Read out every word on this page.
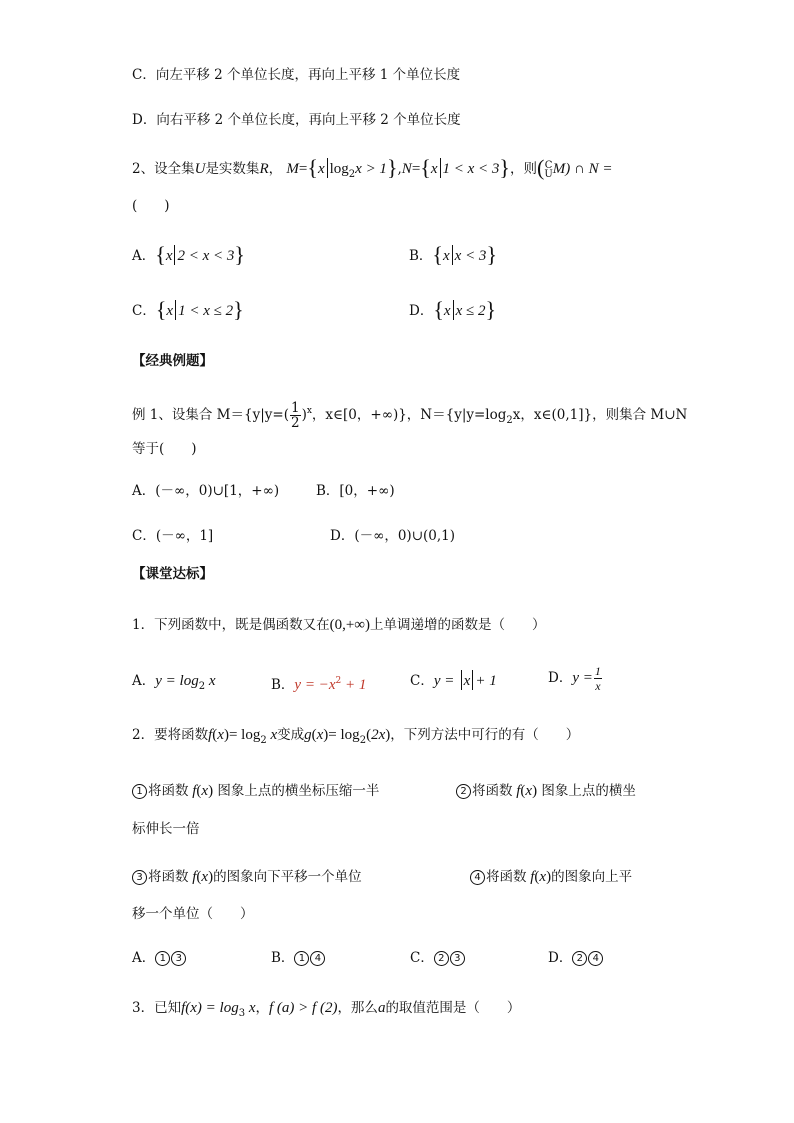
C．向左平移 2 个单位长度，再向上平移 1 个单位长度
D．向右平移 2 个单位长度，再向上平移 2 个单位长度
2、设全集U是实数集R， M={x $\log_2x > 1\},N=\{x$ 1 < x < 3}，则(C
UM) ∩ N =
(　　)
A．{x 2 < x < 3}	B．{x x < 3}
C．{x 1 < x ≤ 2}	D．{x x ≤ 2}
【经典例题】
例 1、设集合 $M=\{y|y=( \frac{1}{2} )^x$，x∈[0，+∞)}，$N=\{y|y=\log_2x$，x∈(0,1]}，则集合 M∪N
等于(　　)
A．(－∞，0)∪[1，+∞)	B．[0，+∞)
C．(－∞，1]	D．(－∞，0)∪(0,1)
【课堂达标】
1．下列函数中，既是偶函数又在(0,+∞)上单调递增的函数是（　　）
A．$y = \log_2 x$	B．$y = -x^2 + 1$	C．y = x + 1	D．$y = \frac{1}{x}$
2．要将函数$f(x)= \log_2 x$变成$g(x)= \log_2(2x)$，下列方法中可行的有（　　）
1 将函数 f(x) 图象上点的横坐标压缩一半	2 将函数 f(x) 图象上点的横坐
标伸长一倍
3 将函数 f(x)的图象向下平移一个单位	4 将函数 f(x)的图象向上平
移一个单位（　　）
A． 1 3	B． 1 4	C． 2 3	D． 2 4
3．已知$f(x) = \log_3 x$，f (a) > f (2)，那么a的取值范围是（　　）
